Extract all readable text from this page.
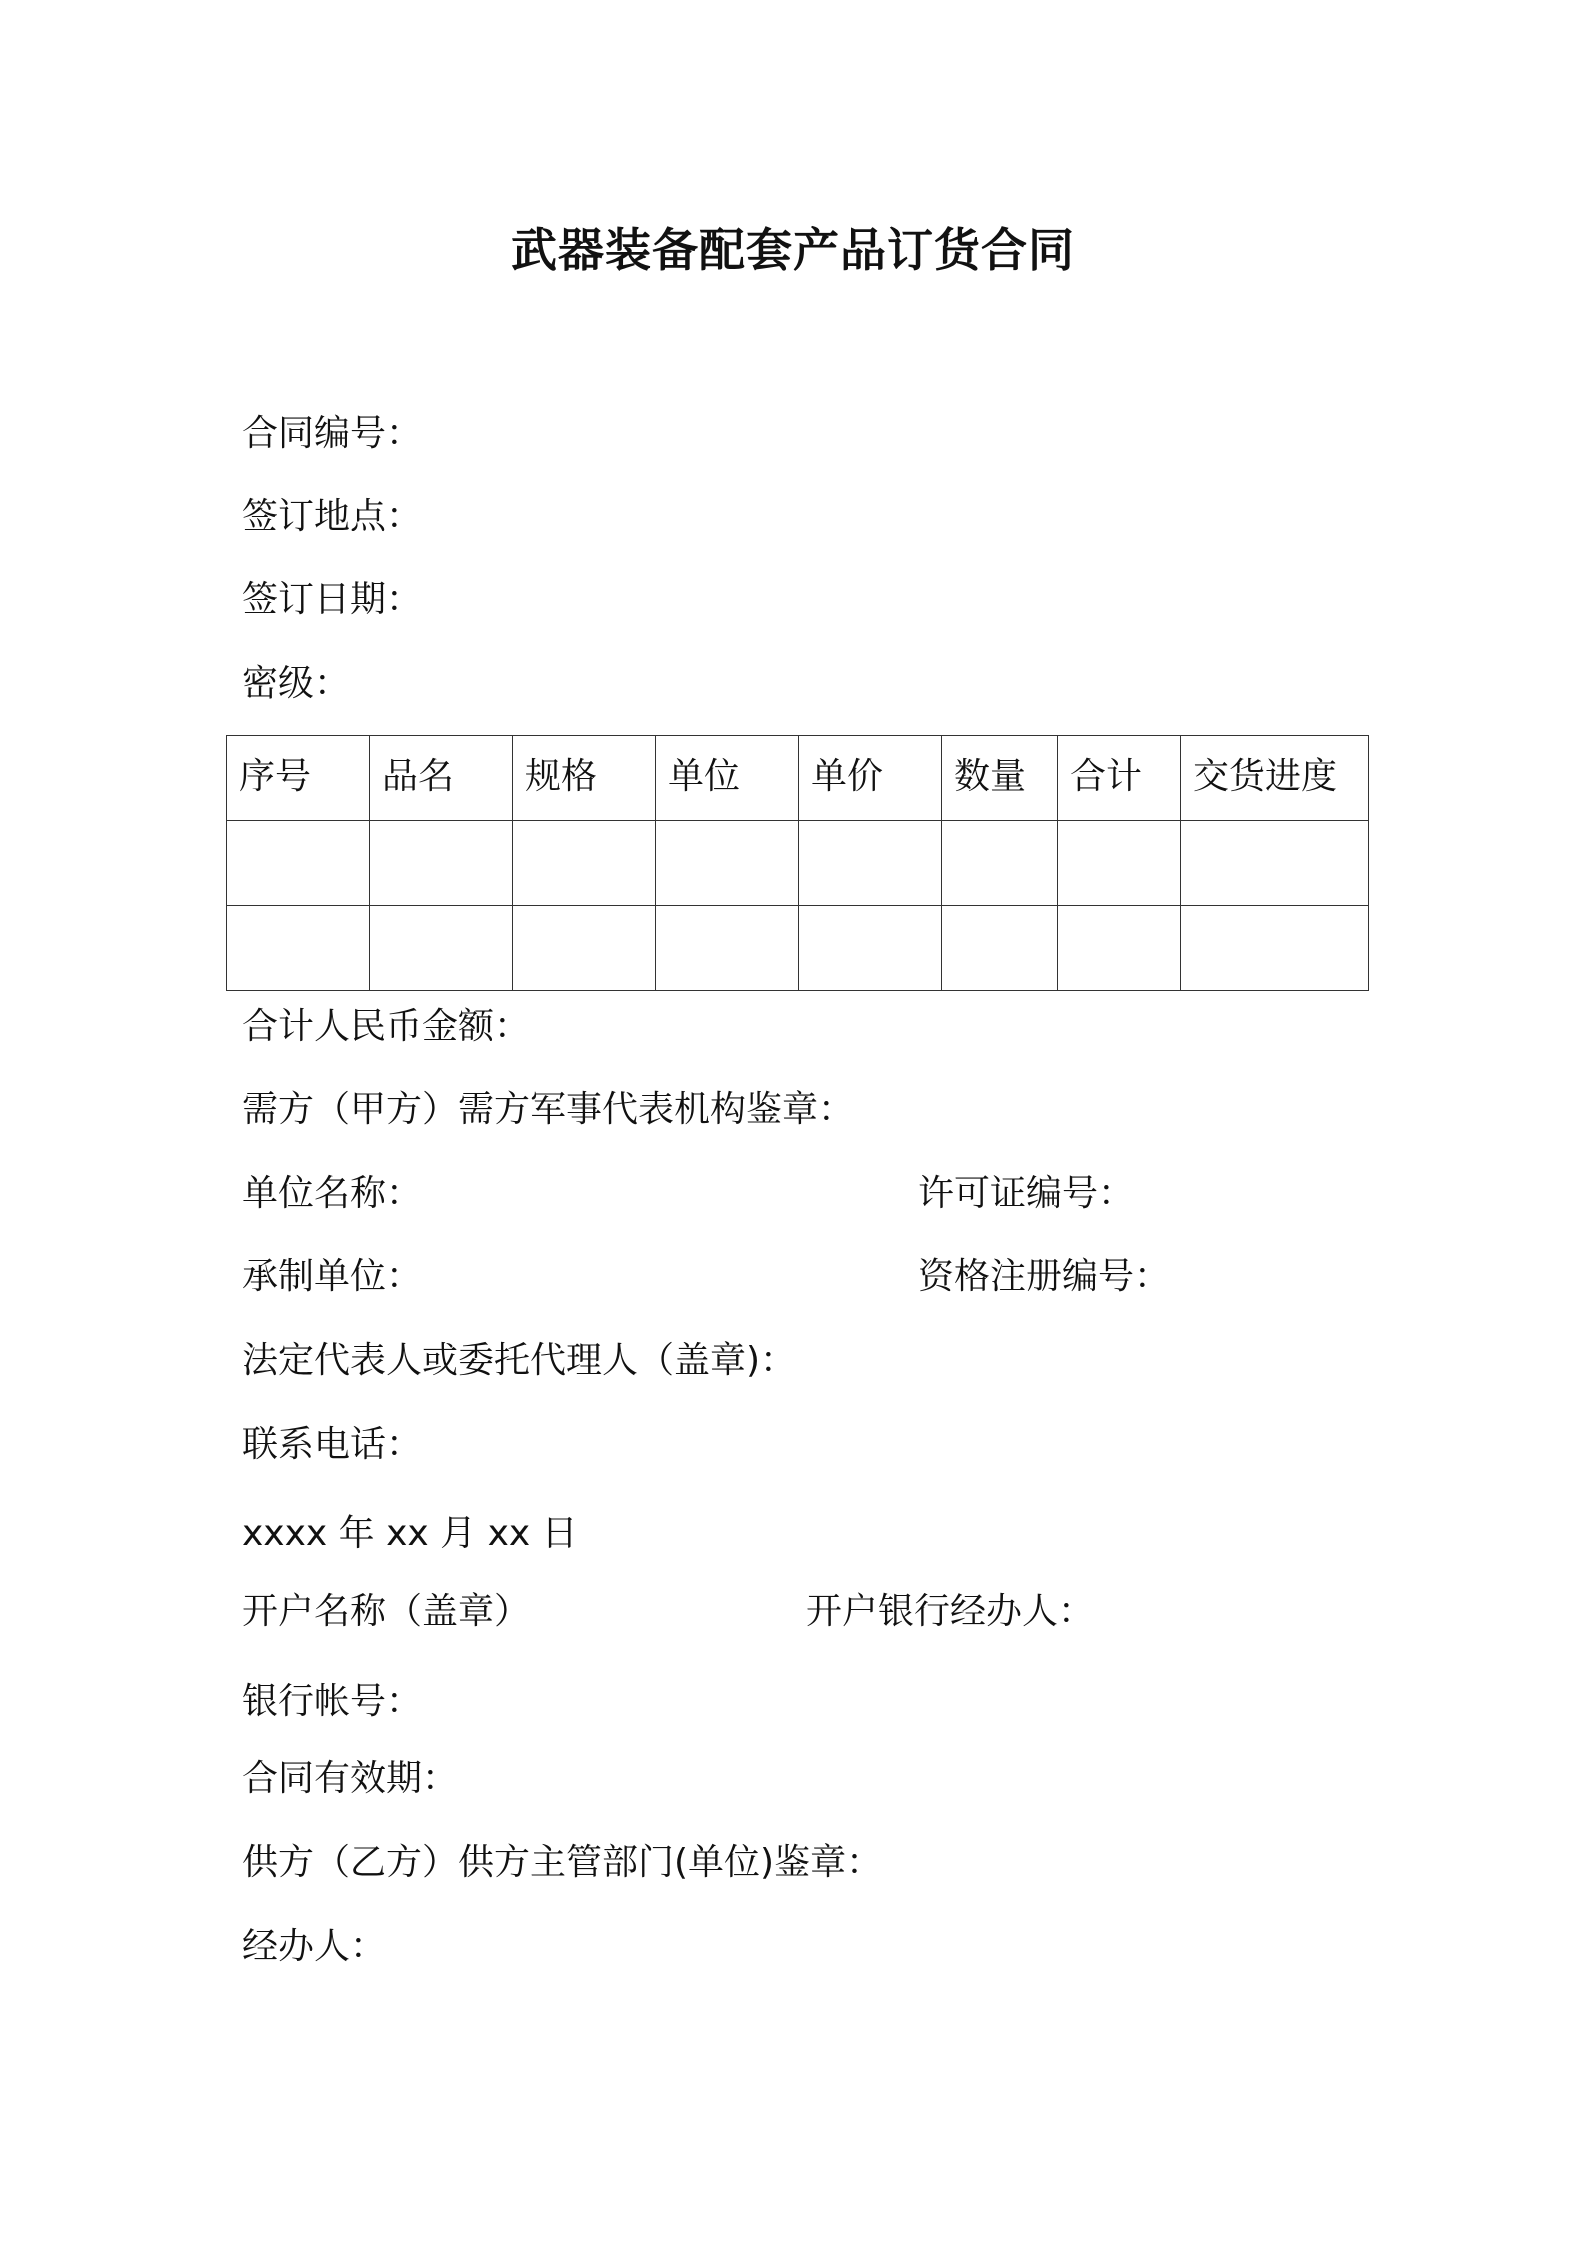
武器装备配套产品订货合同
合同编号：
签订地点：
签订日期：
密级：
序号	品名	规格	单位	单价	数量	合计	交货进度

合计人民币金额：
需方（甲方）需方军事代表机构鉴章：
单位名称：	许可证编号：
承制单位：	资格注册编号：
法定代表人或委托代理人（盖章)：
联系电话：
xxxx 年 xx 月 xx 日
开户名称（盖章）	开户银行经办人：
银行帐号：
合同有效期：
供方（乙方）供方主管部门(单位)鉴章：
经办人：
